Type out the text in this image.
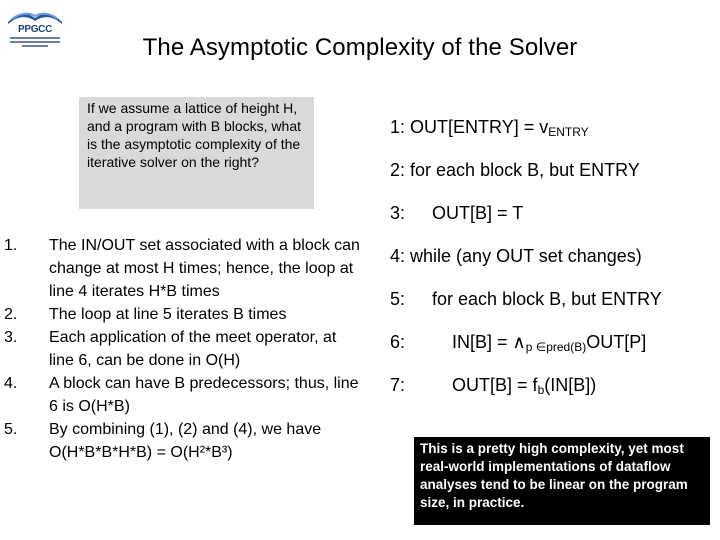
PPGCC
The Asymptotic Complexity of the Solver
If we assume a lattice of height H, and a program with B blocks, what is the asymptotic complexity of the iterative solver on the right?
1. The IN/OUT set associated with a block can change at most H times; hence, the loop at line 4 iterates H*B times
2. The loop at line 5 iterates B times
3. Each application of the meet operator, at line 6, can be done in O(H)
4. A block can have B predecessors; thus, line 6 is O(H*B)
5. By combining (1), (2) and (4), we have O(H*B*B*H*B) = O(H²*B³)
1: OUT[ENTRY] = $v_{ENTRY}$
2: for each block B, but ENTRY
3: OUT[B] = T
4: while (any OUT set changes)
5: for each block B, but ENTRY
6:	$IN[B] = \wedge_{p \in pred(B)}OUT[P]$
7:	$OUT[B] = f_b(IN[B])$
This is a pretty high complexity, yet most real-world implementations of dataflow analyses tend to be linear on the program size, in practice.
